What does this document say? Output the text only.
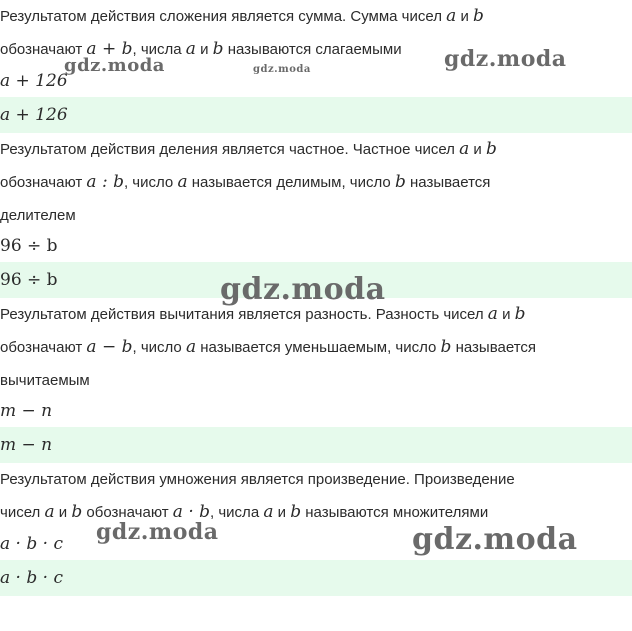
Результатом действия сложения является сумма. Сумма чисел a и b
обозначают a + b, числа a и b называются слагаемыми
a + 126
a + 126
Результатом действия деления является частное. Частное чисел a и b
обозначают a : b, число a называется делимым, число b называется
делителем
96 ÷ b
96 ÷ b
Результатом действия вычитания является разность. Разность чисел a и b
обозначают a − b, число a называется уменьшаемым, число b называется
вычитаемым
m − n
m − n
Результатом действия умножения является произведение. Произведение
чисел a и b обозначают a · b, числа a и b называются множителями
a · b · c
a · b · c
gdz.moda	gdz.moda	gdz.moda
gdz.moda
gdz.moda	gdz.moda
